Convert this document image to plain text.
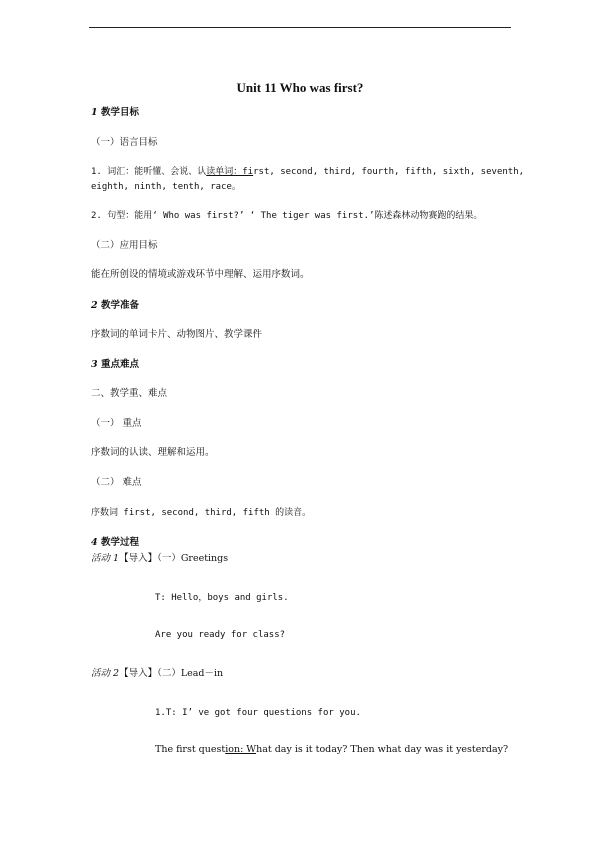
Unit 11 Who was first?
1 教学目标
（一）语言目标
1. 词汇：能听懂、会说、认读单词：first, second, third, fourth, fifth, sixth, seventh,
eighth, ninth, tenth, race。
2. 句型：能用‘ Who was first?’ ‘ The tiger was first.’陈述森林动物赛跑的结果。
（二）应用目标
能在所创设的情境或游戏环节中理解、运用序数词。
2 教学准备
序数词的单词卡片、动物图片、教学课件
3 重点难点
二、教学重、难点
（一） 重点
序数词的认读、理解和运用。
（二） 难点
序数词 first, second, third, fifth 的读音。
4 教学过程
活动 1【导入】（一）Greetings
T: Hello，boys and girls.
Are you ready for class?
活动 2【导入】（二）Lead－in
1.T: I’ ve got four questions for you.
The first question: What day is it today? Then what day was it yesterday?
